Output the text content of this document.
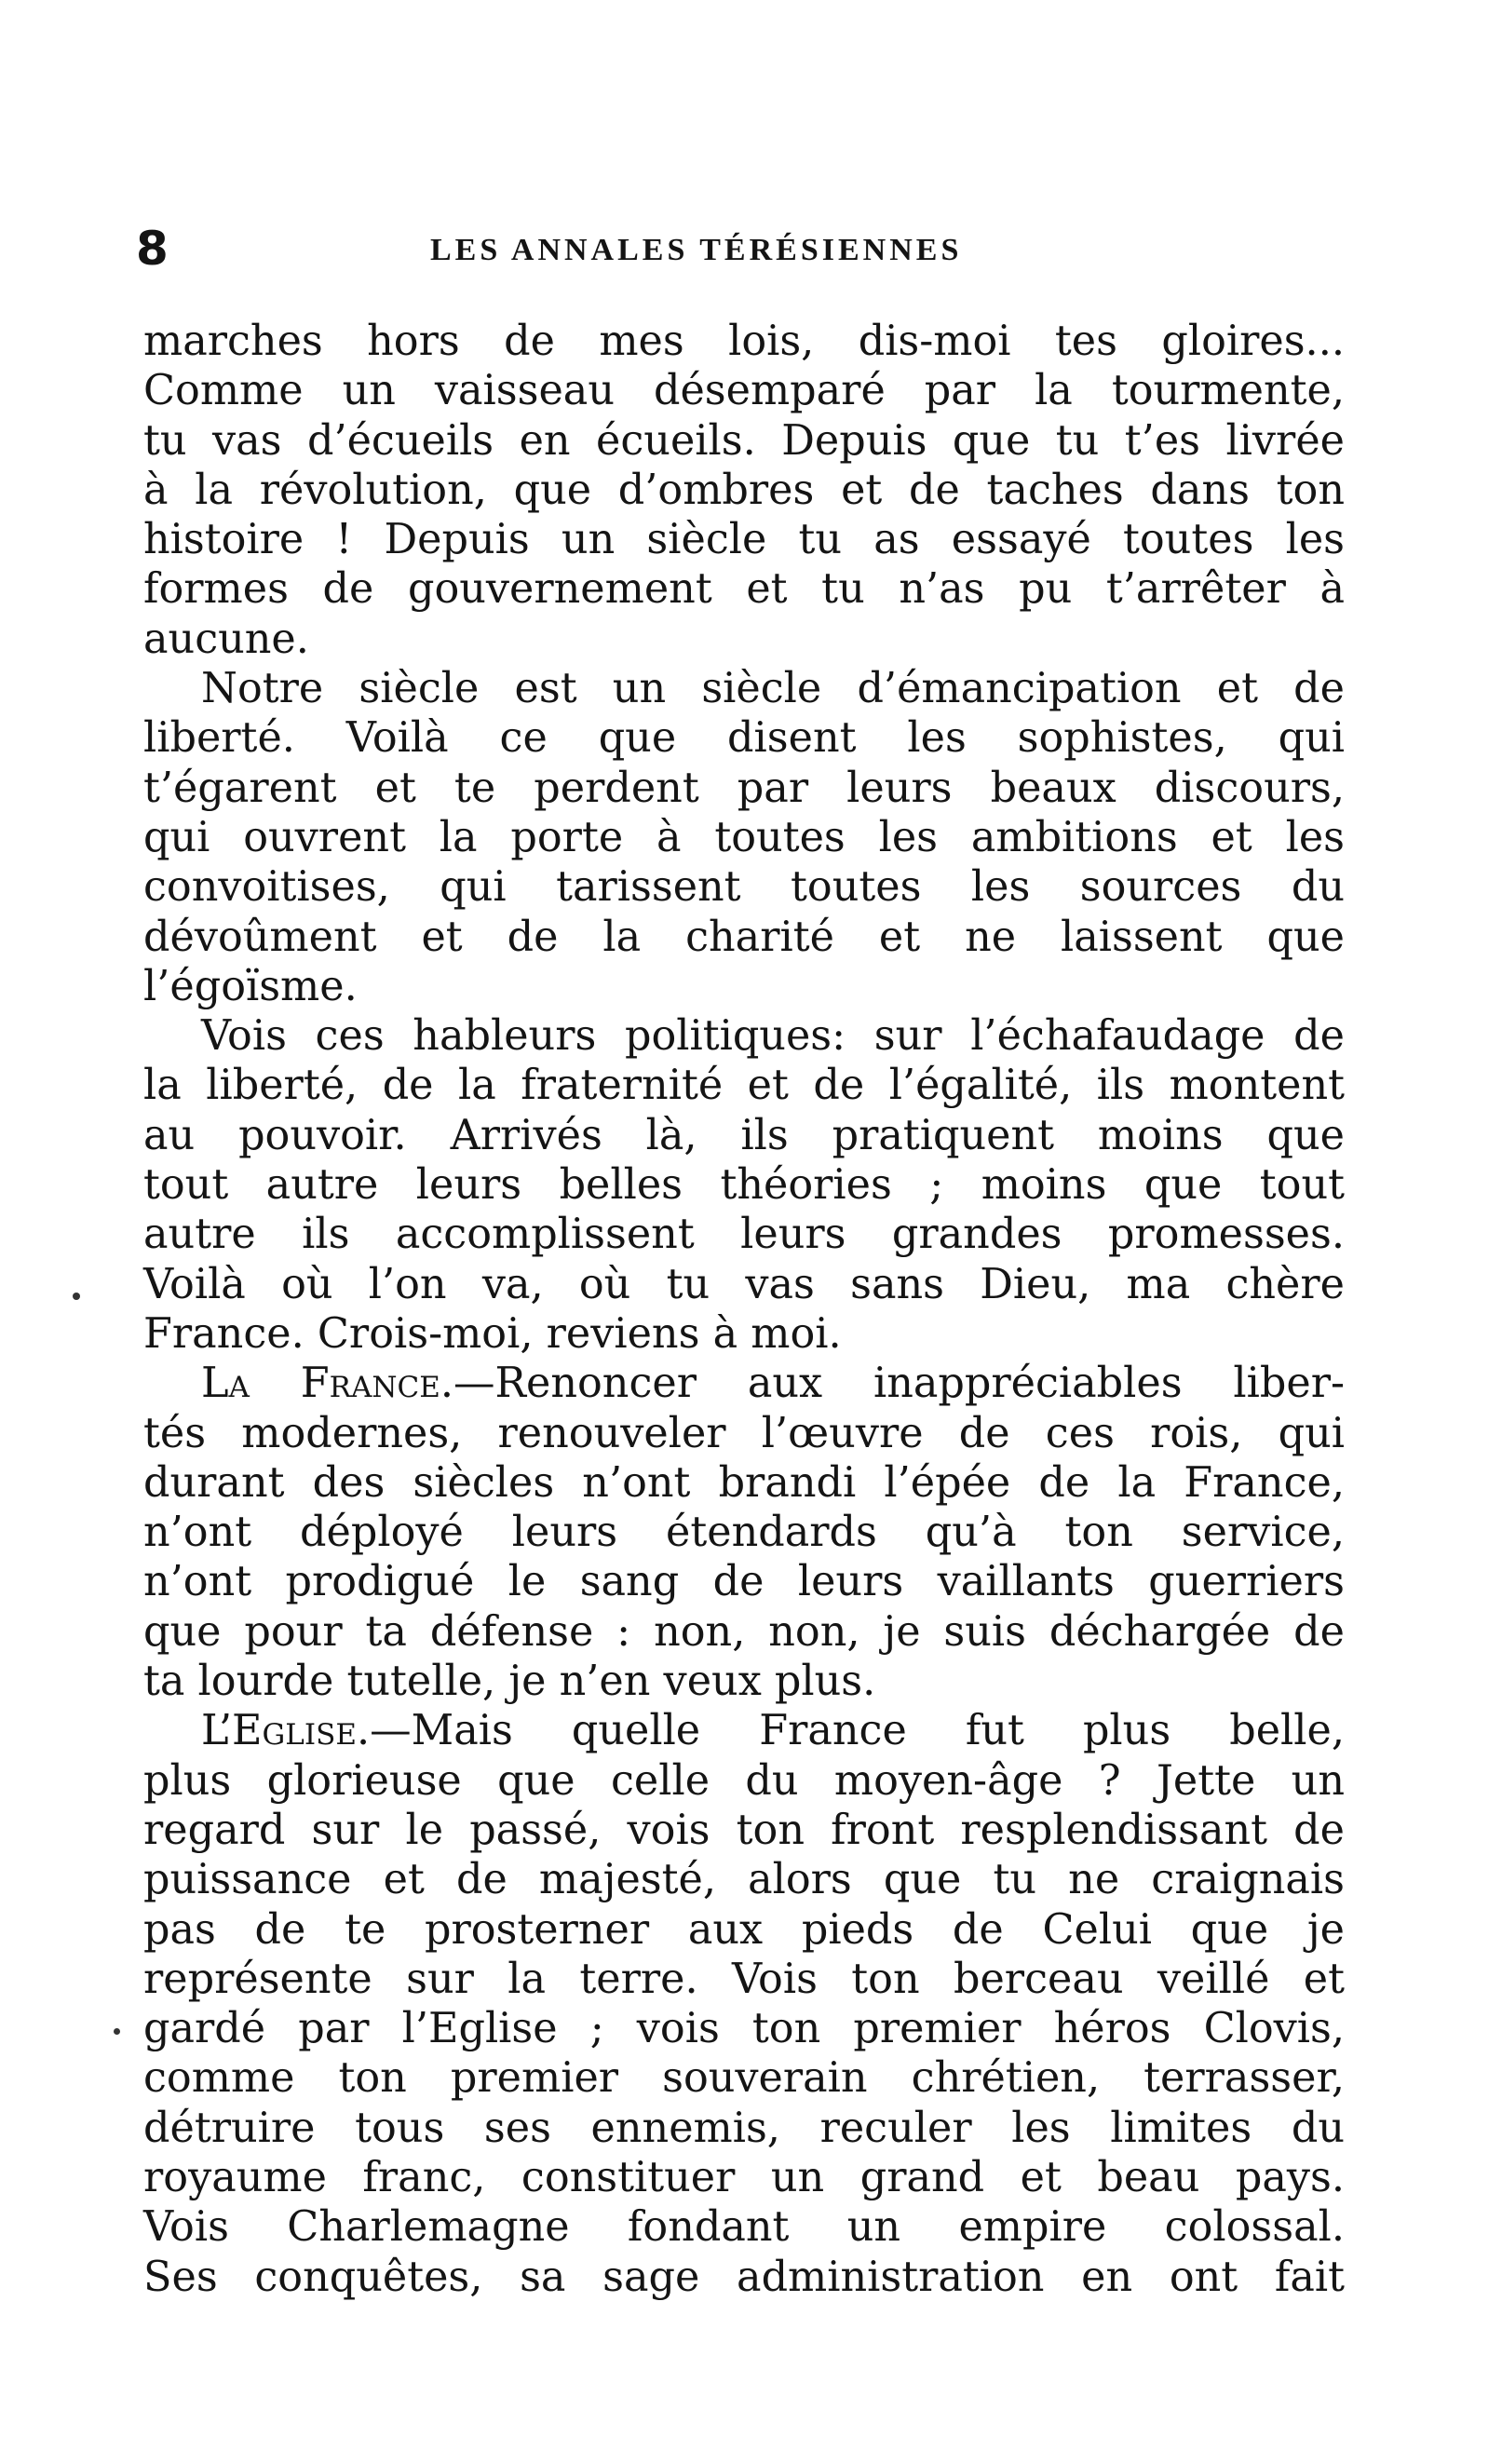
8	LES ANNALES TÉRÉSIENNES
marches hors de mes lois, dis-moi tes gloires...
Comme un vaisseau désemparé par la tourmente,
tu vas d’écueils en écueils. Depuis que tu t’es livrée
à la révolution, que d’ombres et de taches dans ton
histoire ! Depuis un siècle tu as essayé toutes les
formes de gouvernement et tu n’as pu t’arrêter à
aucune.
Notre siècle est un siècle d’émancipation et de
liberté. Voilà ce que disent les sophistes, qui
t’égarent et te perdent par leurs beaux discours,
qui ouvrent la porte à toutes les ambitions et les
convoitises, qui tarissent toutes les sources du
dévoûment et de la charité et ne laissent que
l’égoïsme.
Vois ces hableurs politiques: sur l’échafaudage de
la liberté, de la fraternité et de l’égalité, ils montent
au pouvoir. Arrivés là, ils pratiquent moins que
tout autre leurs belles théories ; moins que tout
autre ils accomplissent leurs grandes promesses.
Voilà où l’on va, où tu vas sans Dieu, ma chère
France. Crois-moi, reviens à moi.
La France.—Renoncer aux inappréciables liber-
tés modernes, renouveler l’œuvre de ces rois, qui
durant des siècles n’ont brandi l’épée de la France,
n’ont déployé leurs étendards qu’à ton service,
n’ont prodigué le sang de leurs vaillants guerriers
que pour ta défense : non, non, je suis déchargée de
ta lourde tutelle, je n’en veux plus.
L’Eglise.—Mais quelle France fut plus belle,
plus glorieuse que celle du moyen-âge ? Jette un
regard sur le passé, vois ton front resplendissant de
puissance et de majesté, alors que tu ne craignais
pas de te prosterner aux pieds de Celui que je
représente sur la terre. Vois ton berceau veillé et
gardé par l’Eglise ; vois ton premier héros Clovis,
comme ton premier souverain chrétien, terrasser,
détruire tous ses ennemis, reculer les limites du
royaume franc, constituer un grand et beau pays.
Vois Charlemagne fondant un empire colossal.
Ses conquêtes, sa sage administration en ont fait
